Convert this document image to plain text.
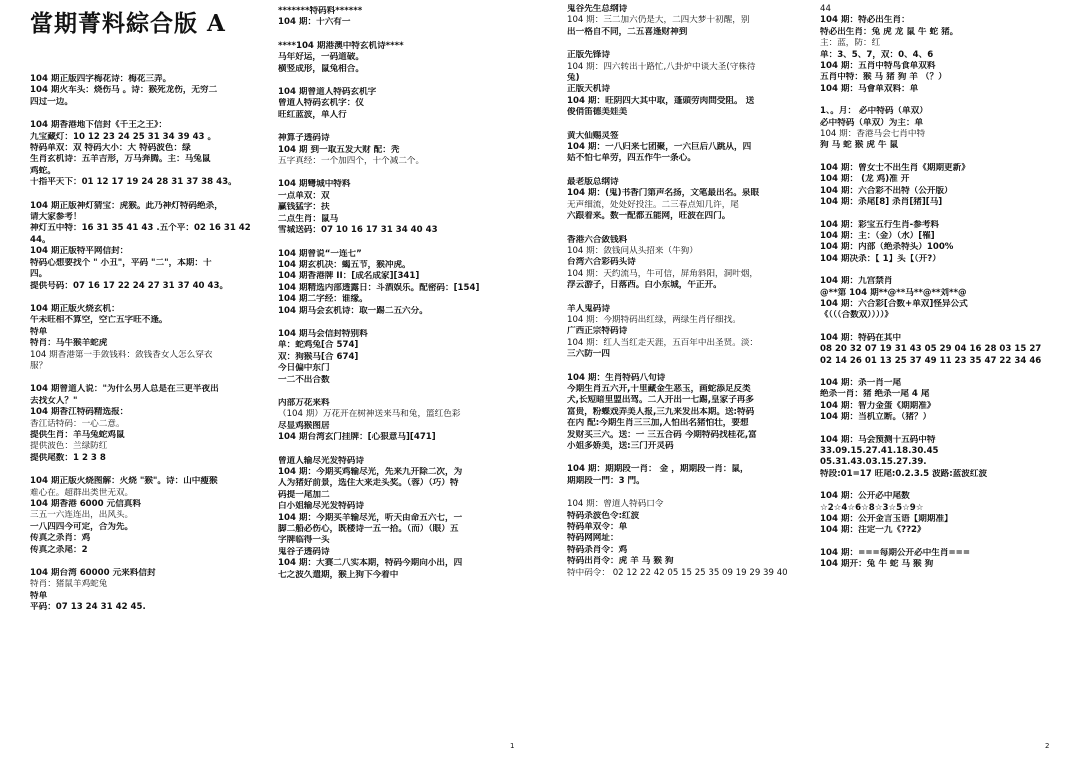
當期菁料綜合版 A
104 期正版四字梅花诗：梅花三弄。
104 期火车头：烧伤马 。诗：猴死龙伤，无穷二
四过一边。
104 期香港地下信封《千王之王》：
九宝藏灯：10 12 23 24 25 31 34 39 43 。
特码单双：双 特码大小：大 特码波色：绿
生肖玄机诗：五羊吉形，万马奔腾。主：马兔鼠
鸡蛇。
十指平天下：01 12 17 19 24 28 31 37 38 43。
104 期正版神灯猜宝：虎猴。此乃神灯特码绝杀，
请大家参考！
神灯五中特：16 31 35 41 43 .五个平：02 16 31 42
44。
104 期正版特平网信封：
特码心想要找个 " 小丑"，平码 "二"，本期：十
四。
提供号码：07 16 17 22 24 27 31 37 40 43。
104 期正版火烧玄机：
午未旺相不算空，空亡五字旺不逢。
特单
特肖：马牛猴羊蛇虎
104 期香港第一手敛钱料：敛钱香女人怎么穿衣
服？
104 期曾道人说："为什么男人总是在三更半夜出
去找女人？"
104 期香江特码精选报：
香江话特码：一心二意。
提供生肖：羊马兔蛇鸡鼠
提供波色：兰绿防红
提供尾数：1 2 3 8
104 期正版火烧图解：火烧 "猴"。诗：山中瘦猴
难心在。超群出类世无双。
104 期香港 6000 元信真料
三五一六连连出，出风头。
一八四四今可定，合为先。
传真之杀肖：鸡
传真之杀尾：2
104 期台湾 60000 元来料信封
特肖：猪鼠羊鸡蛇兔
特单
平码：07 13 24 31 42 45.
*******特码料******
104 期：十六有一
****104 期港澳中特玄机诗****
马年好运，一码道破。
横竖成形，鼠兔相合。
104 期曾道人特码玄机字
曾道人特码玄机字：仪
旺红蓝波，单人行
神算子透码诗
104 期 到一取五发大财 配：秃
五字真经：一个加四个，十个减二个。
104 期彎城中特料
一点单双：双
赢钱猛字：扶
二点生肖：鼠马
雪城送码：07 10 16 17 31 34 40 43
104 期曾说“一连七”
104 期玄机决：蝎五节，猴冲虎。
104 期香港牌 II：[成名成家][341]
104 期精选内部透露日：斗酒娱乐。配密码：[154]
104 期二字经：谁缘。
104 期马会玄机诗：取一踢二五六分。
104 期马会信封特别料
单：蛇鸡兔[合 574]
双：狗猴马[合 674]
今日偏中东门
一二不出合数
内部万花来料
（104 期）万花开在树神送来马和兔，篮红色彩
尽显鸡猴图居
104 期台湾玄门挂牌：[心狠意马][471]
曾道人输尽光发特码诗
104 期：今期买鸡输尽光，先来九开除二次，为
人为猪好前景，选住大来走头奖。（蓉）（巧）特
码提一尾加二
白小姐输尽光发特码诗
104 期：今期买羊输尽光，听天由命五六七，一
脚二船必伤心，既楼诗一五一拾。（而）（眼）五
字牌临得一头
鬼谷子透码诗
104 期：大赛二八实本期，特码今期向小出，四
七之波久遣期，猴上狗下今着中
鬼谷先生总纲诗
104 期：三二加六仍是大，二四大梦十初醒，别
出一格自不同，二五喜逢财神到
正版先锋诗
104 期：四六转出十路忙,八卦炉中谈大圣(守株待
兔)
正版天机诗
104 期：旺阴四大其中取，蓬頭劳肉問受阻。 送
俊俏笛德美娃美
黄大仙赐灵签
104 期：一八归来七团聚，一六巨后八跳从，四
姑不怕七单劳，四五作牛一条心。
最老版总纲诗
104 期：(鬼)书香门第声名扬，文笔最出名。泉眼
无声细流，处处好投注。二三春点知几许，尾
六跟着来。数一配都五能网，旺波在四门。
香港六合敛钱料
104 期：敛钱问从头招来（牛狗）
台湾六合彩码头诗
104 期：天约流马，牛可信，屏角斜阳，洞叶烟，
浮云游子，日落西。白小东城，午正开。
羊人鬼码诗
104 期：今期特码出红绿，两绿生肖仔细找。
广西正宗特码诗
104 期：红人当红走天涯，五百年中出圣贤。淡：
三六防一四
104 期：生肖特码八句诗
今期生肖五六开,十里藏金生恶玉，画蛇添足反类
犬,长短暗里盟出驾。二人开出一七踢,皇家子再多
富贵，粉蝶戏弄美人报,三九来发出本期。送:特码
在内 配:今期生肖三三加,人怕出名猪怕壮，要想
发财买三六。送：一 三五合码 今期特码找桂花,富
小姐多娇美，送:三门开灵码
104 期：期期段一肖： 金 ，期期段一肖：鼠，
期期段一門：3 門。
104 期：曾道人特码口令
特码杀波色令:红波
特码单双令：单
特码网网址：
特码杀肖令：鸡
特码出肖令：虎 羊 马 猴 狗
特中码令： 02 12 22 42 05 15 25 35 09 19 29 39 40
44
104 期：特必出生肖：
特必出生肖：兔 虎 龙 鼠 牛 蛇 猪。
主：蓝，防：红
单：3、5、7，双：0、4、6
104 期：五肖中特鸟食单双料
五肖中特：猴 马 猪 狗 羊 （？）
104 期：马會单双料：单
1、。月： 必中特码（单双）
必中特码（单双）为主：单
104 期：香港马会七肖中特
狗 马 蛇 猴 虎 牛 鼠
104 期：曾女士不出生肖《期期更新》
104 期： (龙 鸡)准 开
104 期：六合彩不出特（公开版）
104 期：杀尾[8] 杀肖[猪][马]
104 期：彩宝五行生肖-参考料
104 期：主：（金）（水）[罹]
104 期：内部（绝杀特头）100%
104 期决杀：【 1】头【（开?）
104 期：九宫禁肖
@**第 104 期**@**马**@**刘**@
104 期：六合彩[合数+单双]怪异公式
《（（（合数双））））》
104 期：特码在其中
08 20 32 07 19 31 43 05 29 04 16 28 03 15 27
02 14 26 01 13 25 37 49 11 23 35 47 22 34 46
104 期：杀一肖一尾
绝杀一肖：猪 绝杀一尾 4 尾
104 期：智力金蛋《期期准》
104 期：当机立断。（猪？）
104 期：马会预测十五码中特
33.09.15.27.41.18.30.45
05.31.43.03.15.27.39.
特段:01=17 旺尾:0.2.3.5 波路:蓝波红波
104 期：公开必中尾数
☆2☆4☆6☆8☆3☆5☆9☆
104 期：公开金言玉语【期期准】
104 期：注定一九《??2》
104 期：===每期公开必中生肖===
104 期开：兔 牛 蛇 马 猴 狗
1	2
